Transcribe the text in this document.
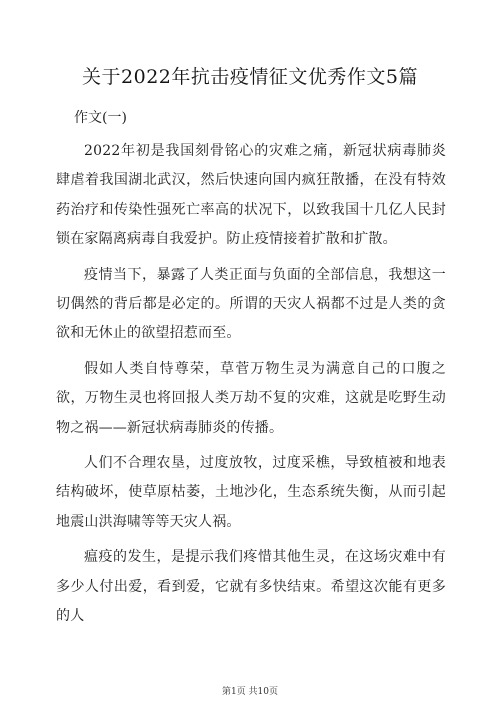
关于2022年抗击疫情征文优秀作文5篇
作文(一)

2022年初是我国刻骨铭心的灾难之痛，新冠状病毒肺炎肆虐着我国湖北武汉，然后快速向国内疯狂散播，在没有特效药治疗和传染性强死亡率高的状况下，以致我国十几亿人民封锁在家隔离病毒自我爱护。防止疫情接着扩散和扩散。

疫情当下，暴露了人类正面与负面的全部信息，我想这一切偶然的背后都是必定的。所谓的天灾人祸都不过是人类的贪欲和无休止的欲望招惹而至。

假如人类自恃尊荣，草菅万物生灵为满意自己的口腹之欲，万物生灵也将回报人类万劫不复的灾难，这就是吃野生动物之祸——新冠状病毒肺炎的传播。

人们不合理农垦，过度放牧，过度采樵，导致植被和地表结构破坏，使草原枯萎，土地沙化，生态系统失衡，从而引起地震山洪海啸等等天灾人祸。

瘟疫的发生，是提示我们疼惜其他生灵，在这场灾难中有多少人付出爱，看到爱，它就有多快结束。希望这次能有更多的人

第1页 共10页
